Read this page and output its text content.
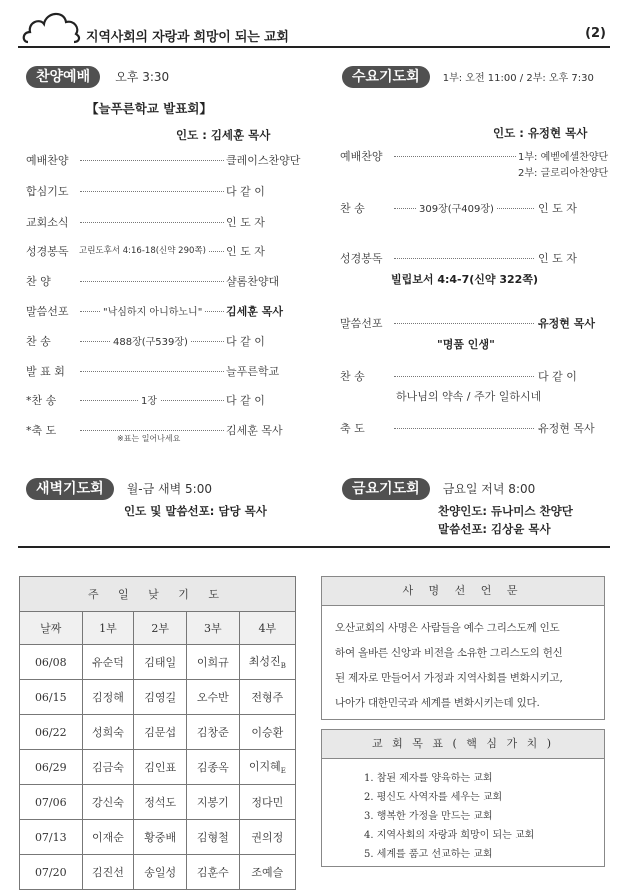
지역사회의 자랑과 희망이 되는 교회	(2)
찬양예배 오후 3:30
【늘푸른학교 발표회】
인도 : 김세훈 목사
예배찬양	클레이스찬양단
합심기도	다 같 이
교회소식	인 도 자
성경봉독	고린도후서 4:16-18(신약 290쪽) 인 도 자
찬 양	샬롬찬양대
말씀선포	"낙심하지 아니하노니" 김세훈 목사
찬 송	488장(구539장)	다 같 이
발 표 회	늘푸른학교
*찬 송	1장	다 같 이
*축 도	김세훈 목사
※표는 일어나세요
수요기도회 1부: 오전 11:00 / 2부: 오후 7:30
인도 : 유정현 목사
예배찬양	1부: 예벧에셀찬양단
2부: 글로리아찬양단
찬 송	309장(구409장)	인 도 자
성경봉독	인 도 자
빌립보서 4:4-7(신약 322쪽)
말씀선포	유정현 목사
"명품 인생"
찬 송	다 같 이
하나님의 약속 / 주가 일하시네
축 도	유정현 목사
새벽기도회 월-금 새벽 5:00
인도 및 말씀선포: 담당 목사
금요기도회 금요일 저녁 8:00
찬양인도: 듀나미스 찬양단
말씀선포: 김상윤 목사
주 일 낮 기 도				
날짜	1부	2부	3부	4부
06/08	유순덕	김태일	이희규	최성진$_B$
06/15	김정해	김영길	오수반	전형주
06/22	성희숙	김문섭	김창준	이승환
06/29	김금숙	김인표	김종옥	이지혜$_E$
07/06	강신숙	정석도	지봉기	정다민
07/13	이재순	황중배	김형철	권의정
07/20	김진선	송일성	김훈수	조예슬
사 명 선 언 문
오산교회의 사명은 사람들을 예수 그리스도께 인도
하여 올바른 신앙과 비전을 소유한 그리스도의 헌신
된 제자로 만들어서 가정과 지역사회를 변화시키고,
나아가 대한민국과 세계를 변화시키는데 있다.
교 회 목 표 ( 핵 심 가 치 )
1. 참된 제자를 양육하는 교회
2. 평신도 사역자를 세우는 교회
3. 행복한 가정을 만드는 교회
4. 지역사회의 자랑과 희망이 되는 교회
5. 세계를 품고 선교하는 교회
